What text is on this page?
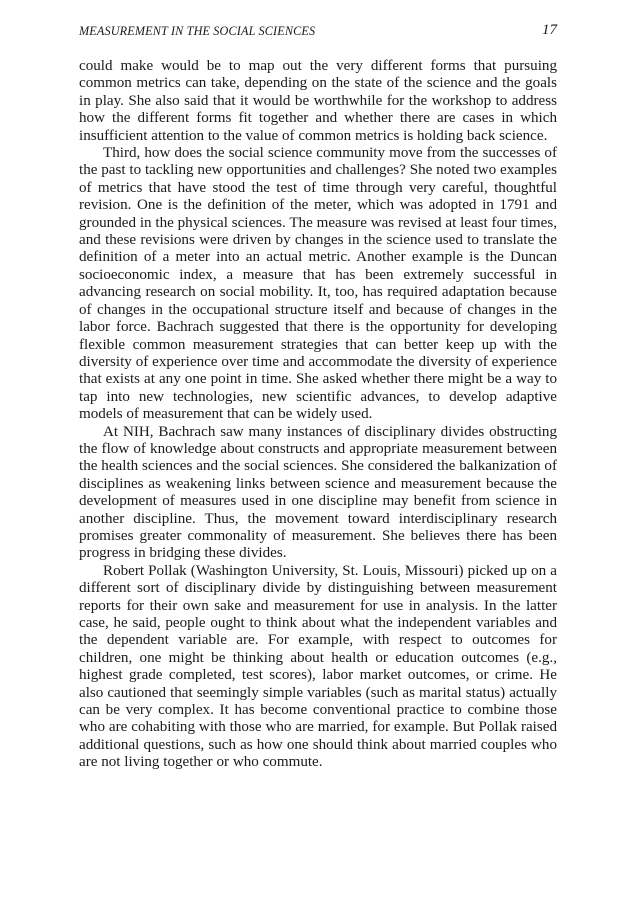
MEASUREMENT IN THE SOCIAL SCIENCES	17

could make would be to map out the very different forms that pursuing common metrics can take, depending on the state of the science and the goals in play. She also said that it would be worthwhile for the workshop to address how the different forms fit together and whether there are cases in which insufficient attention to the value of common metrics is holding back science.

Third, how does the social science community move from the successes of the past to tackling new opportunities and challenges? She noted two examples of metrics that have stood the test of time through very careful, thoughtful revision. One is the definition of the meter, which was adopted in 1791 and grounded in the physical sciences. The measure was revised at least four times, and these revisions were driven by changes in the science used to translate the definition of a meter into an actual metric. Another example is the Duncan socioeconomic index, a measure that has been extremely successful in advancing research on social mobility. It, too, has required adaptation because of changes in the occupational structure itself and because of changes in the labor force. Bachrach suggested that there is the opportunity for developing flexible common measurement strategies that can better keep up with the diversity of experience over time and accommodate the diversity of experience that exists at any one point in time. She asked whether there might be a way to tap into new technologies, new scientific advances, to develop adaptive models of measurement that can be widely used.

At NIH, Bachrach saw many instances of disciplinary divides obstructing the flow of knowledge about constructs and appropriate measurement between the health sciences and the social sciences. She considered the balkanization of disciplines as weakening links between science and measurement because the development of measures used in one discipline may benefit from science in another discipline. Thus, the movement toward interdisciplinary research promises greater commonality of measurement. She believes there has been progress in bridging these divides.

Robert Pollak (Washington University, St. Louis, Missouri) picked up on a different sort of disciplinary divide by distinguishing between measurement reports for their own sake and measurement for use in analysis. In the latter case, he said, people ought to think about what the independent variables and the dependent variable are. For example, with respect to outcomes for children, one might be thinking about health or education outcomes (e.g., highest grade completed, test scores), labor market outcomes, or crime. He also cautioned that seemingly simple variables (such as marital status) actually can be very complex. It has become conventional practice to combine those who are cohabiting with those who are married, for example. But Pollak raised additional questions, such as how one should think about married couples who are not living together or who commute.
